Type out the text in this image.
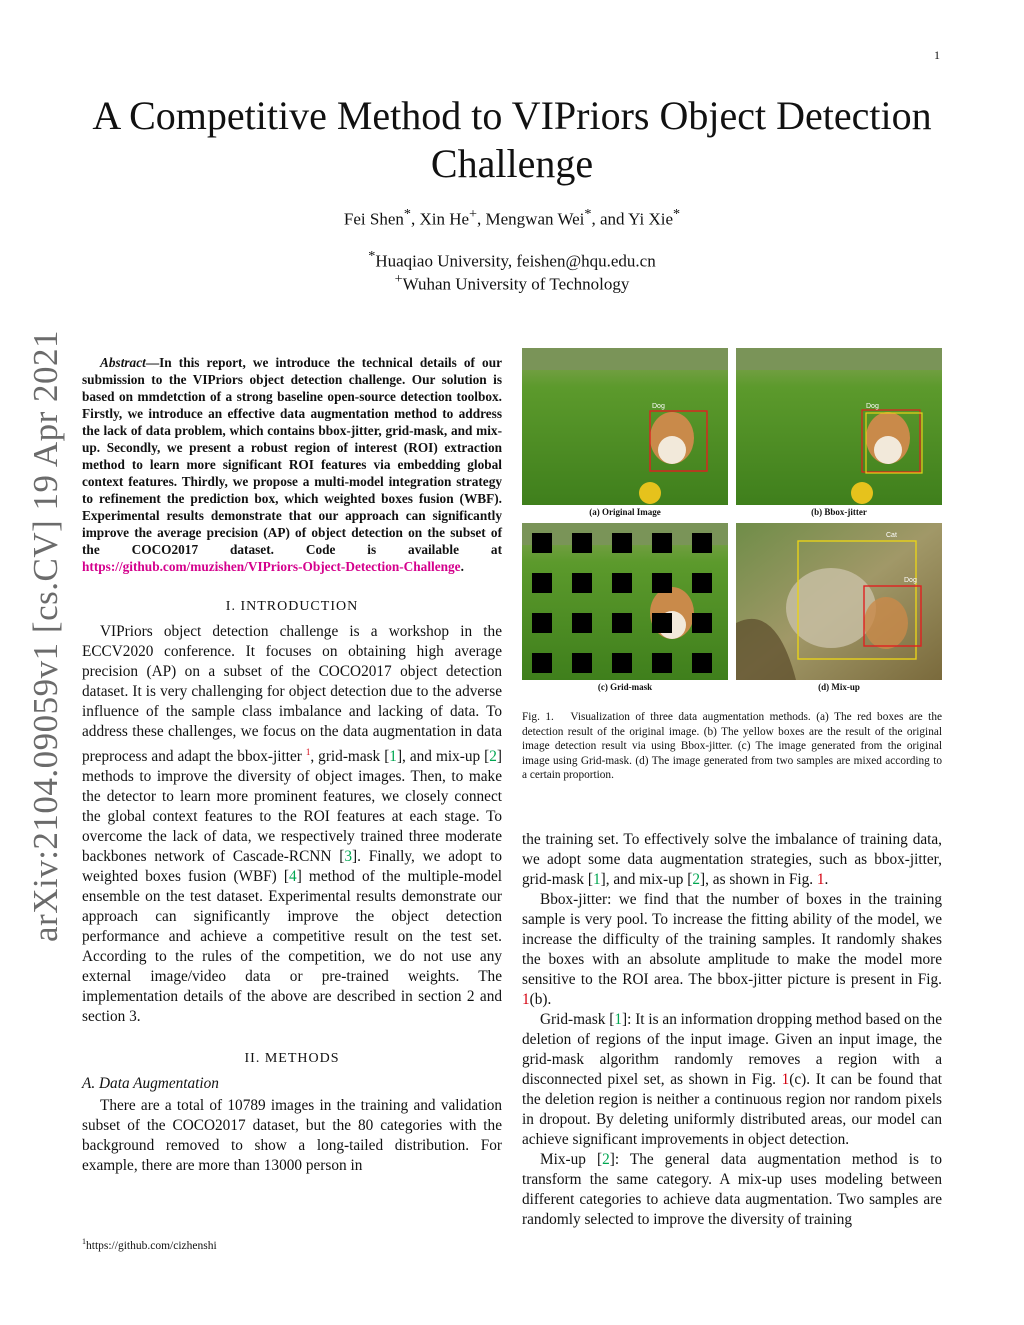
1
arXiv:2104.09059v1 [cs.CV] 19 Apr 2021
A Competitive Method to VIPriors Object Detection
Challenge
Fei Shen*, Xin He+, Mengwan Wei*, and Yi Xie*
*Huaqiao University, feishen@hqu.edu.cn
+Wuhan University of Technology

Abstract—In this report, we introduce the technical details of our submission to the VIPriors object detection challenge. Our solution is based on mmdetction of a strong baseline open-source detection toolbox. Firstly, we introduce an effective data augmentation method to address the lack of data problem, which contains bbox-jitter, grid-mask, and mix-up. Secondly, we present a robust region of interest (ROI) extraction method to learn more significant ROI features via embedding global context features. Thirdly, we propose a multi-model integration strategy to refinement the prediction box, which weighted boxes fusion (WBF). Experimental results demonstrate that our approach can significantly improve the average precision (AP) of object detection on the subset of the COCO2017 dataset. Code is available at https://github.com/muzishen/VIPriors-Object-Detection-Challenge.

I. INTRODUCTION

VIPriors object detection challenge is a workshop in the ECCV2020 conference. It focuses on obtaining high average precision (AP) on a subset of the COCO2017 object detection dataset. It is very challenging for object detection due to the adverse influence of the sample class imbalance and lacking of data. To address these challenges, we focus on the data augmentation in data preprocess and adapt the bbox-jitter $^1$, grid-mask [1], and mix-up [2] methods to improve the diversity of object images. Then, to make the detector to learn more prominent features, we closely connect the global context features to the ROI features at each stage. To overcome the lack of data, we respectively trained three moderate backbones network of Cascade-RCNN [3]. Finally, we adopt to weighted boxes fusion (WBF) [4] method of the multiple-model ensemble on the test dataset. Experimental results demonstrate our approach can significantly improve the object detection performance and achieve a competitive result on the test set. According to the rules of the competition, we do not use any external image/video data or pre-trained weights. The implementation details of the above are described in section 2 and section 3.

II. METHODS
A. Data Augmentation

There are a total of 10789 images in the training and validation subset of the COCO2017 dataset, but the 80 categories with the background removed to show a long-tailed distribution. For example, there are more than 13000 person in

$^1$https://github.com/cizhenshi
Dog
(a) Original Image
Dog
(b) Bbox-jitter
(c) Grid-mask
Cat
Dog
(d) Mix-up
Fig. 1. Visualization of three data augmentation methods. (a) The red boxes are the detection result of the original image. (b) The yellow boxes are the result of the original image detection result via using Bbox-jitter. (c) The image generated from the original image using Grid-mask. (d) The image generated from two samples are mixed according to a certain proportion.

the training set. To effectively solve the imbalance of training data, we adopt some data augmentation strategies, such as bbox-jitter, grid-mask [1], and mix-up [2], as shown in Fig. 1.

Bbox-jitter: we find that the number of boxes in the training sample is very pool. To increase the fitting ability of the model, we increase the difficulty of the training samples. It randomly shakes the boxes with an absolute amplitude to make the model more sensitive to the ROI area. The bbox-jitter picture is present in Fig. 1(b).

Grid-mask [1]: It is an information dropping method based on the deletion of regions of the input image. Given an input image, the grid-mask algorithm randomly removes a region with a disconnected pixel set, as shown in Fig. 1(c). It can be found that the deletion region is neither a continuous region nor random pixels in dropout. By deleting uniformly distributed areas, our model can achieve significant improvements in object detection.

Mix-up [2]: The general data augmentation method is to transform the same category. A mix-up uses modeling between different categories to achieve data augmentation. Two samples are randomly selected to improve the diversity of training
